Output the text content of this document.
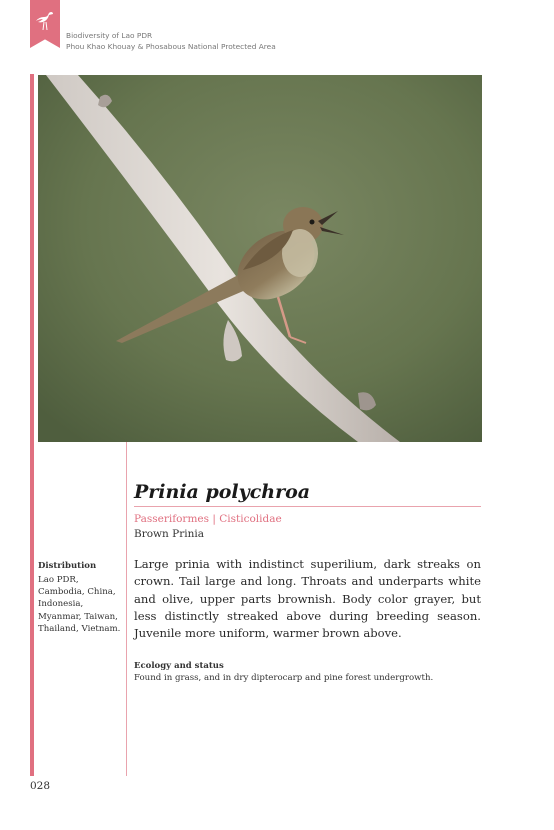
Biodiversity of Lao PDR
Phou Khao Khouay & Phosabous National Protected Area
Prinia polychroa
Passeriformes | Cisticolidae
Brown Prinia
Distribution
Lao PDR, Cambodia, China, Indonesia, Myanmar, Taiwan, Thailand, Vietnam.
Large prinia with indistinct superilium, dark streaks on crown. Tail large and long. Throats and underparts white and olive, upper parts brownish. Body color grayer, but less distinctly streaked above during breeding season. Juvenile more uniform, warmer brown above.
Ecology and status
Found in grass, and in dry dipterocarp and pine forest undergrowth.
028
